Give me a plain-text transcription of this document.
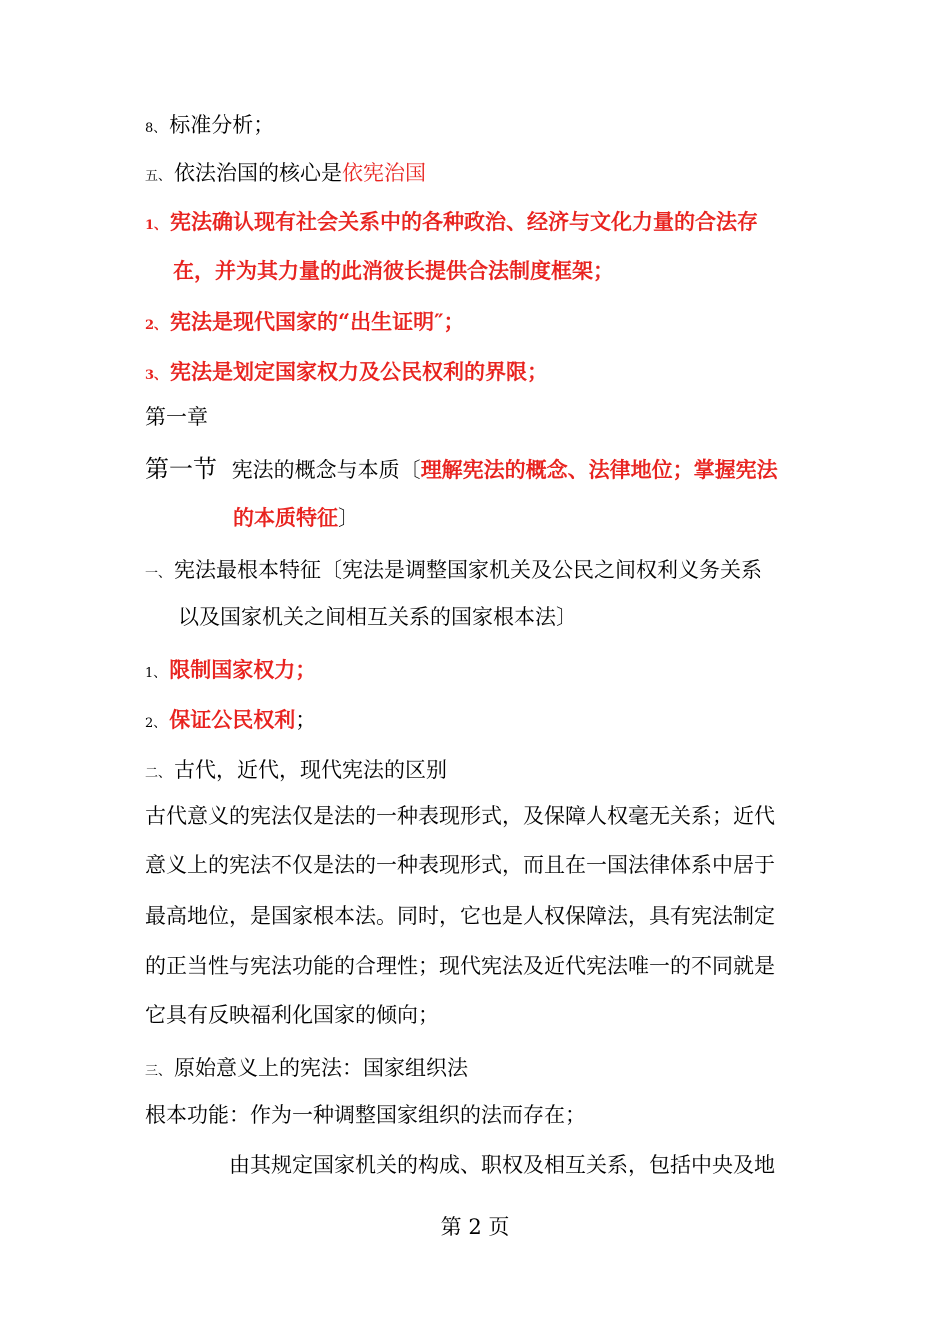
8、 标准分析；
五、 依法治国的核心是依宪治国
1、 宪法确认现有社会关系中的各种政治、经济与文化力量的合法存
在，并为其力量的此消彼长提供合法制度框架；
2、 宪法是现代国家的“出生证明″；
3、 宪法是划定国家权力及公民权利的界限；
第一章
第一节 宪法的概念与本质〔理解宪法的概念、法律地位；掌握宪法
的本质特征〕
一、 宪法最根本特征〔宪法是调整国家机关及公民之间权利义务关系
以及国家机关之间相互关系的国家根本法〕
1、 限制国家权力；
2、 保证公民权利；
二、 古代，近代，现代宪法的区别
古代意义的宪法仅是法的一种表现形式，及保障人权毫无关系；近代
意义上的宪法不仅是法的一种表现形式，而且在一国法律体系中居于
最高地位，是国家根本法。同时，它也是人权保障法，具有宪法制定
的正当性与宪法功能的合理性；现代宪法及近代宪法唯一的不同就是
它具有反映福利化国家的倾向；
三、 原始意义上的宪法：国家组织法
根本功能：作为一种调整国家组织的法而存在；
由其规定国家机关的构成、职权及相互关系，包括中央及地
第 2 页
